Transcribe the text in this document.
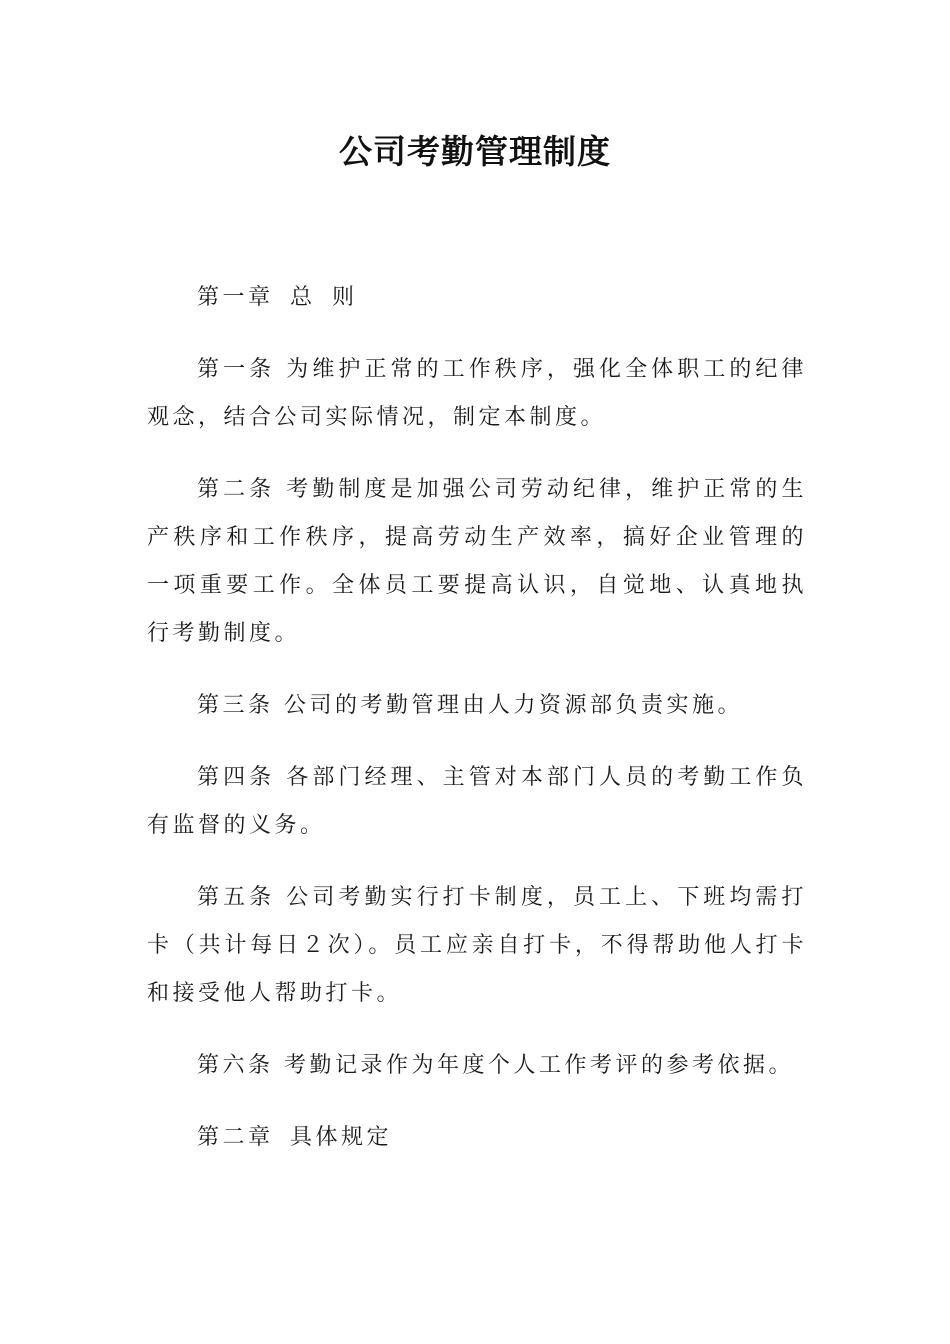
公司考勤管理制度

第一章 总 则

第一条 为维护正常的工作秩序，强化全体职工的纪律观念，结合公司实际情况，制定本制度。

第二条 考勤制度是加强公司劳动纪律，维护正常的生产秩序和工作秩序，提高劳动生产效率，搞好企业管理的一项重要工作。全体员工要提高认识，自觉地、认真地执行考勤制度。

第三条 公司的考勤管理由人力资源部负责实施。

第四条 各部门经理、主管对本部门人员的考勤工作负有监督的义务。

第五条 公司考勤实行打卡制度，员工上、下班均需打卡（共计每日２次）。员工应亲自打卡，不得帮助他人打卡和接受他人帮助打卡。

第六条 考勤记录作为年度个人工作考评的参考依据。

第二章 具体规定
